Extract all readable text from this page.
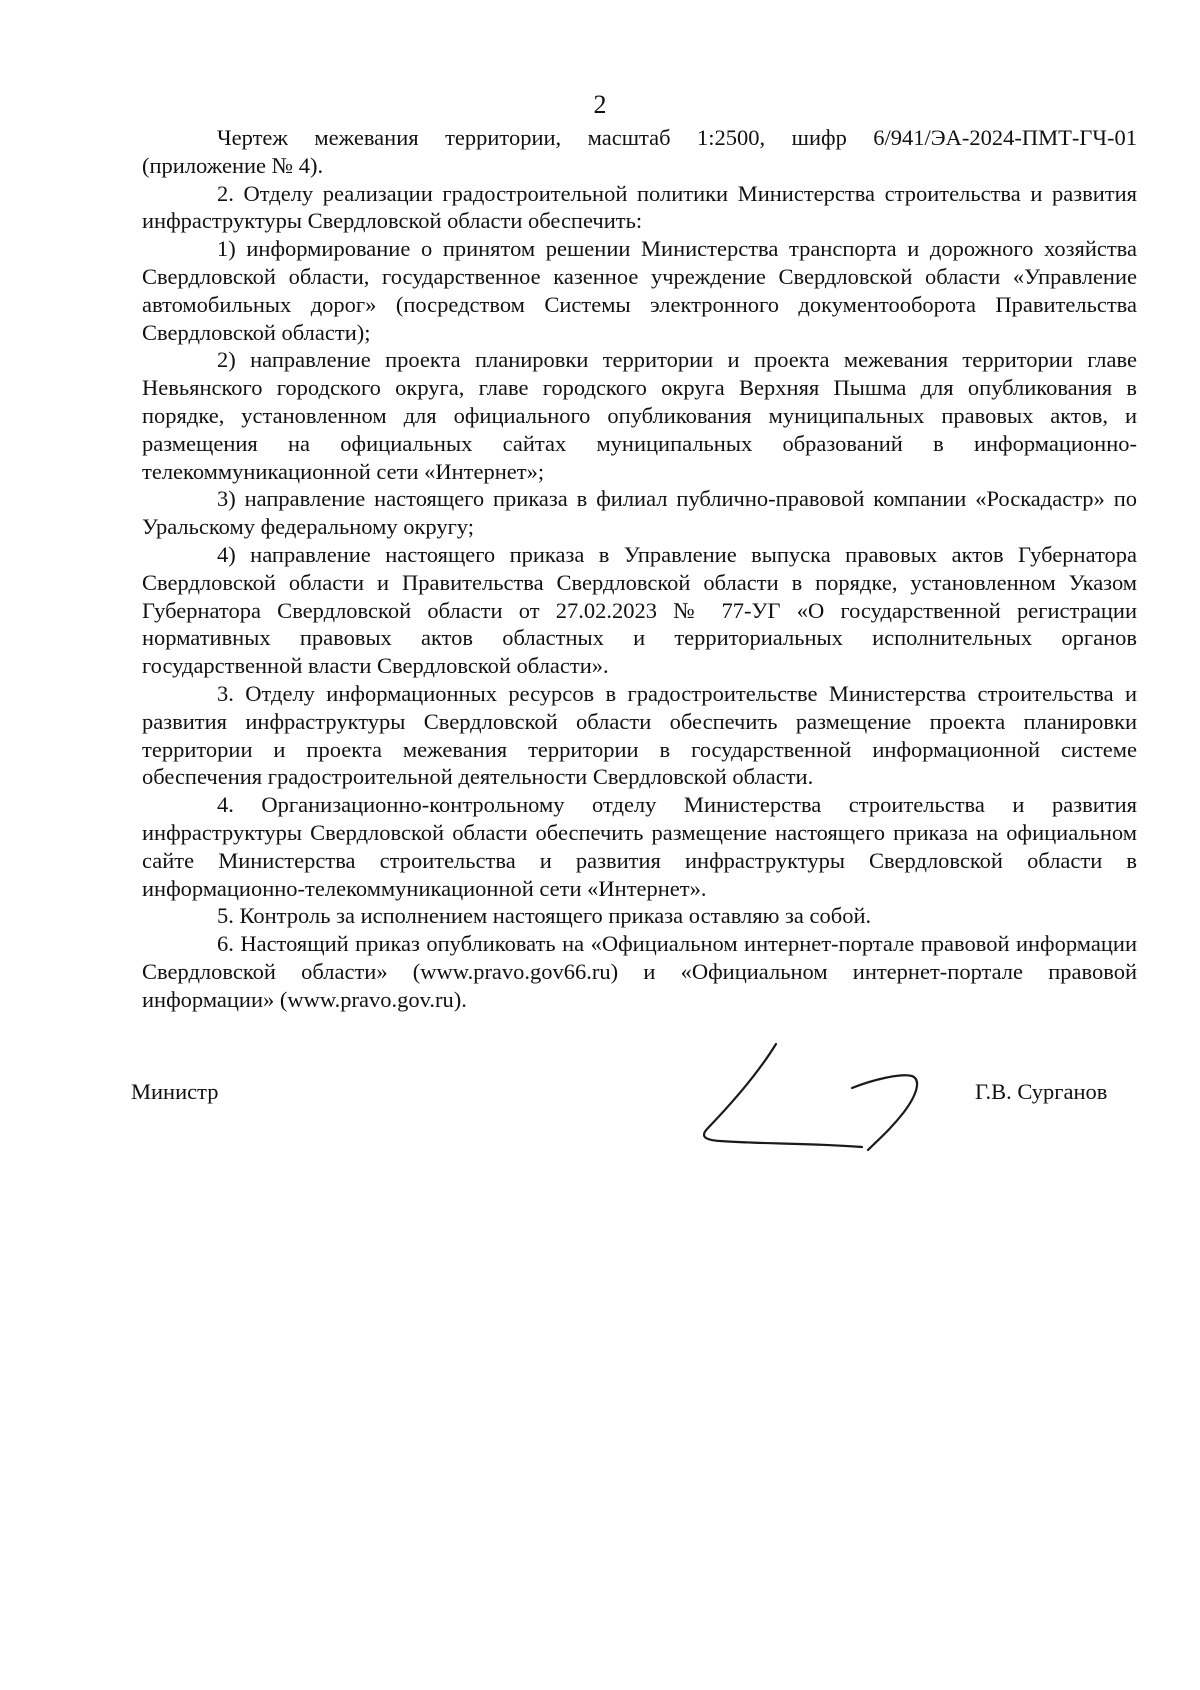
2

Чертеж межевания территории, масштаб 1:2500, шифр 6/941/ЭА-2024-ПМТ-ГЧ-01 (приложение № 4).

2. Отделу реализации градостроительной политики Министерства строительства и развития инфраструктуры Свердловской области обеспечить:

1) информирование о принятом решении Министерства транспорта и дорожного хозяйства Свердловской области, государственное казенное учреждение Свердловской области «Управление автомобильных дорог» (посредством Системы электронного документооборота Правительства Свердловской области);

2) направление проекта планировки территории и проекта межевания территории главе Невьянского городского округа, главе городского округа Верхняя Пышма для опубликования в порядке, установленном для официального опубликования муниципальных правовых актов, и размещения на официальных сайтах муниципальных образований в информационно-телекоммуникационной сети «Интернет»;

3) направление настоящего приказа в филиал публично-правовой компании «Роскадастр» по Уральскому федеральному округу;

4) направление настоящего приказа в Управление выпуска правовых актов Губернатора Свердловской области и Правительства Свердловской области в порядке, установленном Указом Губернатора Свердловской области от 27.02.2023 № 77-УГ «О государственной регистрации нормативных правовых актов областных и территориальных исполнительных органов государственной власти Свердловской области».

3. Отделу информационных ресурсов в градостроительстве Министерства строительства и развития инфраструктуры Свердловской области обеспечить размещение проекта планировки территории и проекта межевания территории в государственной информационной системе обеспечения градостроительной деятельности Свердловской области.

4. Организационно-контрольному отделу Министерства строительства и развития инфраструктуры Свердловской области обеспечить размещение настоящего приказа на официальном сайте Министерства строительства и развития инфраструктуры Свердловской области в информационно-телекоммуникационной сети «Интернет».

5. Контроль за исполнением настоящего приказа оставляю за собой.

6. Настоящий приказ опубликовать на «Официальном интернет-портале правовой информации Свердловской области» (www.pravo.gov66.ru) и «Официальном интернет-портале правовой информации» (www.pravo.gov.ru).

Министр	Г.В. Сурганов
